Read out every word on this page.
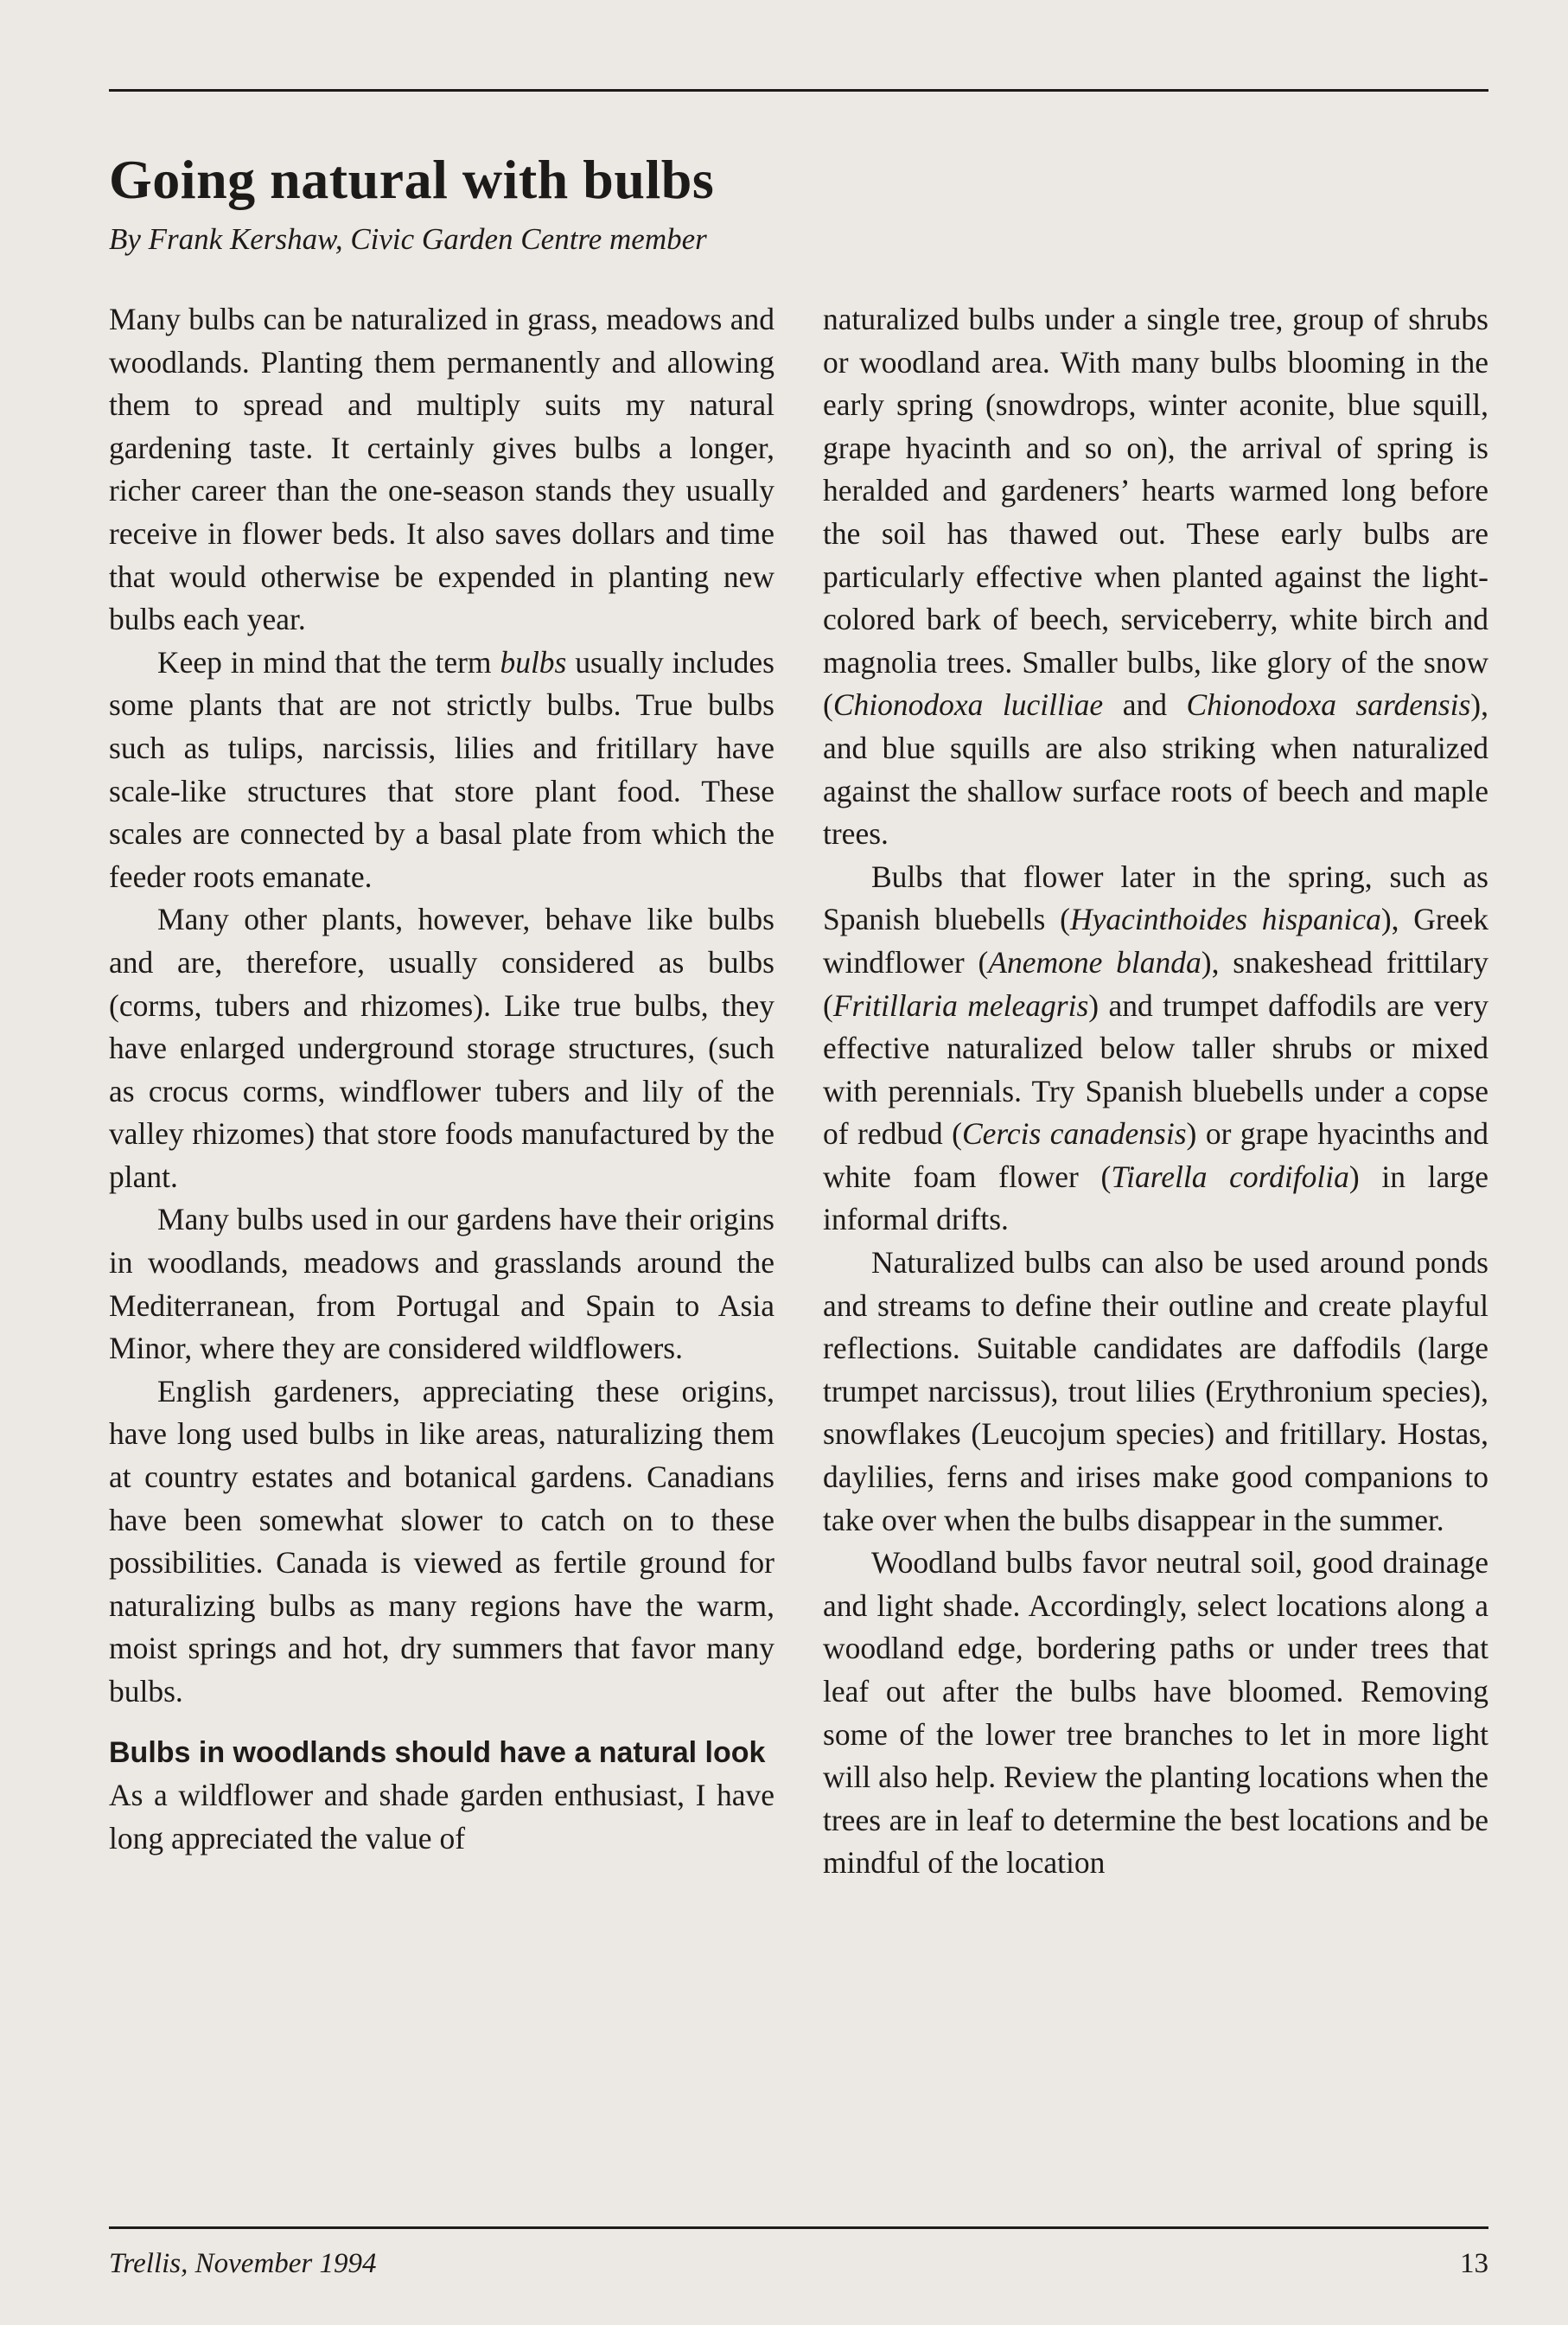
Going natural with bulbs

By Frank Kershaw, Civic Garden Centre member

Many bulbs can be naturalized in grass, meadows and woodlands. Planting them permanently and allowing them to spread and multiply suits my natural gardening taste. It certainly gives bulbs a longer, richer career than the one-season stands they usually receive in flower beds. It also saves dollars and time that would otherwise be expended in planting new bulbs each year.

Keep in mind that the term bulbs usually includes some plants that are not strictly bulbs. True bulbs such as tulips, narcissis, lilies and fritillary have scale-like structures that store plant food. These scales are connected by a basal plate from which the feeder roots emanate.

Many other plants, however, behave like bulbs and are, therefore, usually considered as bulbs (corms, tubers and rhizomes). Like true bulbs, they have enlarged underground storage structures, (such as crocus corms, windflower tubers and lily of the valley rhizomes) that store foods manufactured by the plant.

Many bulbs used in our gardens have their origins in woodlands, meadows and grasslands around the Mediterranean, from Portugal and Spain to Asia Minor, where they are considered wildflowers.

English gardeners, appreciating these origins, have long used bulbs in like areas, naturalizing them at country estates and botanical gardens. Canadians have been somewhat slower to catch on to these possibilities. Canada is viewed as fertile ground for naturalizing bulbs as many regions have the warm, moist springs and hot, dry summers that favor many bulbs.

Bulbs in woodlands should have a natural look

As a wildflower and shade garden enthusiast, I have long appreciated the value of

naturalized bulbs under a single tree, group of shrubs or woodland area. With many bulbs blooming in the early spring (snowdrops, winter aconite, blue squill, grape hyacinth and so on), the arrival of spring is heralded and gardeners’ hearts warmed long before the soil has thawed out. These early bulbs are particularly effective when planted against the light-colored bark of beech, serviceberry, white birch and magnolia trees. Smaller bulbs, like glory of the snow (Chionodoxa lucilliae and Chionodoxa sardensis), and blue squills are also striking when naturalized against the shallow surface roots of beech and maple trees.

Bulbs that flower later in the spring, such as Spanish bluebells (Hyacinthoides hispanica), Greek windflower (Anemone blanda), snakeshead frittilary (Fritillaria meleagris) and trumpet daffodils are very effective naturalized below taller shrubs or mixed with perennials. Try Spanish bluebells under a copse of redbud (Cercis canadensis) or grape hyacinths and white foam flower (Tiarella cordifolia) in large informal drifts.

Naturalized bulbs can also be used around ponds and streams to define their outline and create playful reflections. Suitable candidates are daffodils (large trumpet narcissus), trout lilies (Erythronium species), snowflakes (Leucojum species) and fritillary. Hostas, daylilies, ferns and irises make good companions to take over when the bulbs disappear in the summer.

Woodland bulbs favor neutral soil, good drainage and light shade. Accordingly, select locations along a woodland edge, bordering paths or under trees that leaf out after the bulbs have bloomed. Removing some of the lower tree branches to let in more light will also help. Review the planting locations when the trees are in leaf to determine the best locations and be mindful of the location

Trellis, November 1994	13
